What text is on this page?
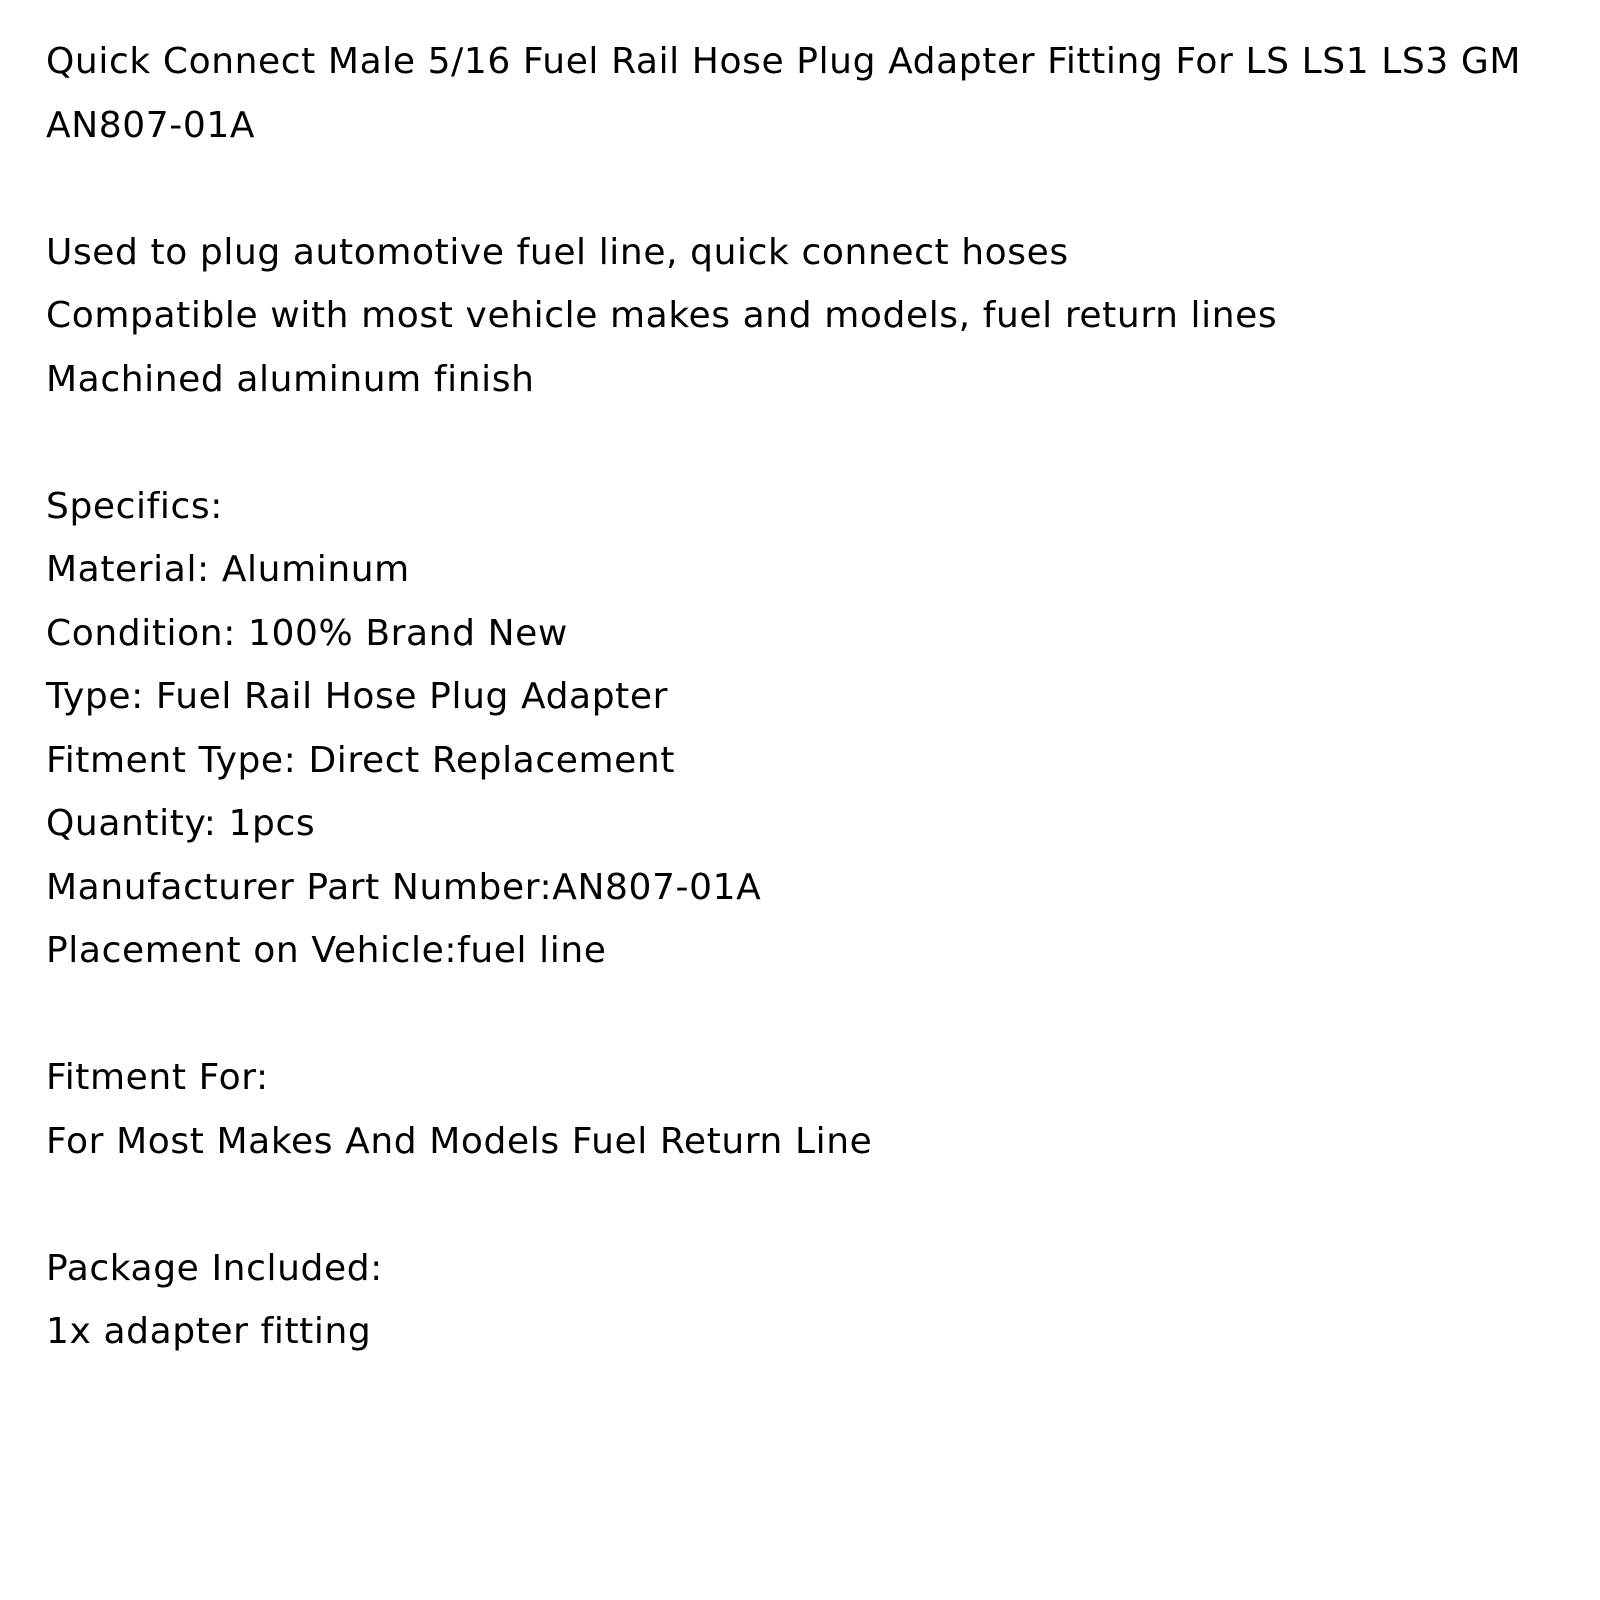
Quick Connect Male 5/16 Fuel Rail Hose Plug Adapter Fitting For LS LS1 LS3 GM
AN807-01A
Used to plug automotive fuel line, quick connect hoses
Compatible with most vehicle makes and models, fuel return lines
Machined aluminum finish
Specifics:
Material: Aluminum
Condition: 100% Brand New
Type: Fuel Rail Hose Plug Adapter
Fitment Type: Direct Replacement
Quantity: 1pcs
Manufacturer Part Number:AN807-01A
Placement on Vehicle:fuel line
Fitment For:
For Most Makes And Models Fuel Return Line
Package Included:
1x adapter fitting
